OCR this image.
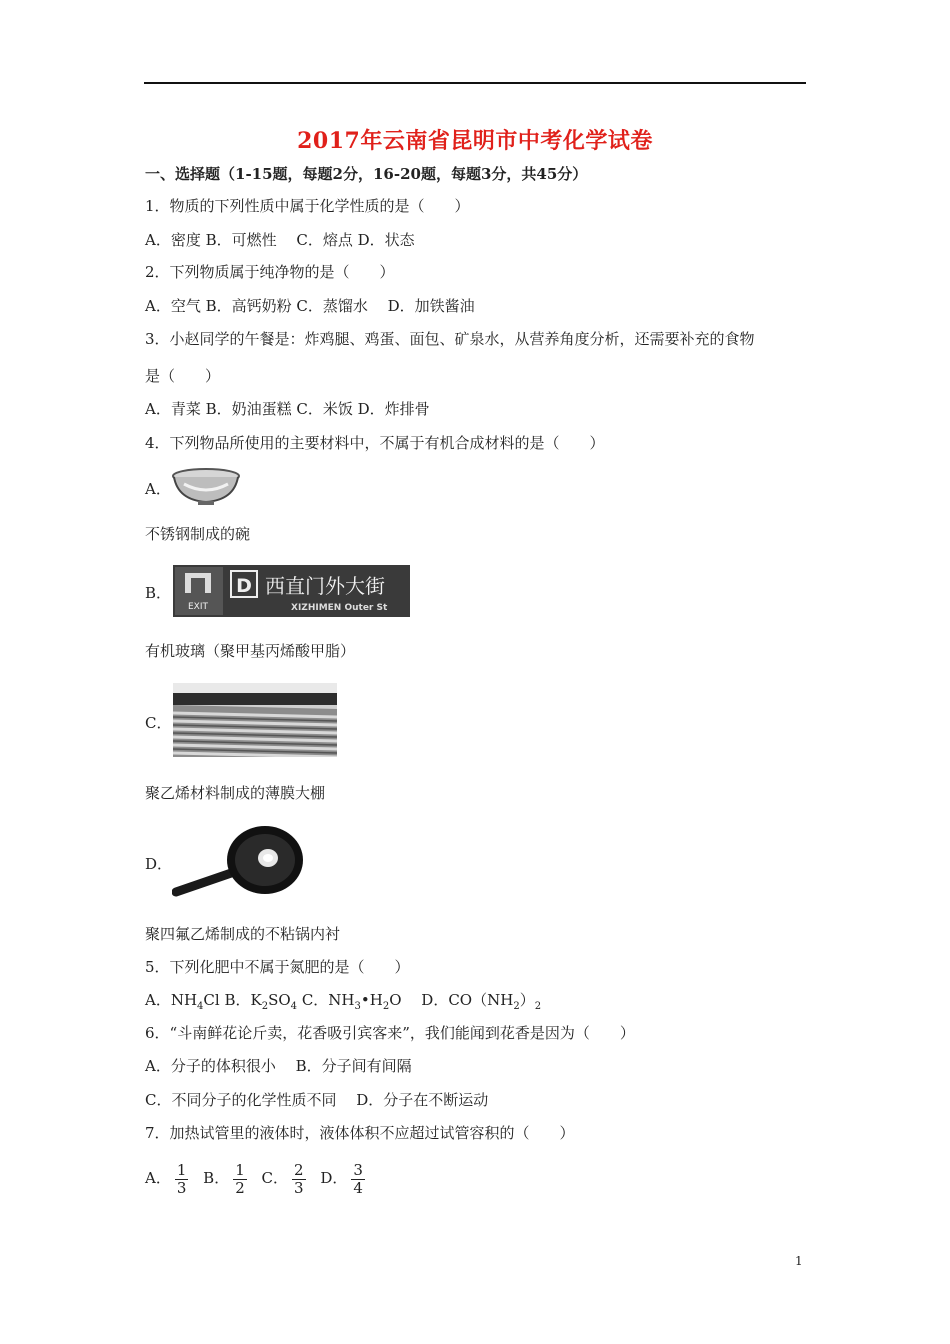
2017年云南省昆明市中考化学试卷
一、选择题（1-15题，每题2分，16-20题，每题3分，共45分）
1．物质的下列性质中属于化学性质的是（　　）
A．密度 B．可燃性　 C．熔点 D．状态
2．下列物质属于纯净物的是（　　）
A．空气 B．高钙奶粉 C．蒸馏水　 D．加铁酱油
3．小赵同学的午餐是：炸鸡腿、鸡蛋、面包、矿泉水，从营养角度分析，还需要补充的食物
是（　　）
A．青菜 B．奶油蛋糕 C．米饭 D．炸排骨
4．下列物品所使用的主要材料中，不属于有机合成材料的是（　　）
A．
不锈钢制成的碗
B．
EXIT
D 西直门外大街
XIZHIMEN Outer St
有机玻璃（聚甲基丙烯酸甲脂）
C．
聚乙烯材料制成的薄膜大棚
D．
聚四氟乙烯制成的不粘锅内衬
5．下列化肥中不属于氮肥的是（　　）
A．$NH_4Cl$ B．$K_2SO_4$ C．$NH_3•H_2O$ 　D．$CO(NH_2)_2$
6．“斗南鲜花论斤卖，花香吸引宾客来”，我们能闻到花香是因为（　　）
A．分子的体积很小　 B．分子间有间隔
C．不同分子的化学性质不同　 D．分子在不断运动
7．加热试管里的液体时，液体体积不应超过试管容积的（　　）
A． $\frac{1}{3}$ B． $\frac{1}{2}$ C． $\frac{2}{3}$ D． $\frac{3}{4}$
1
